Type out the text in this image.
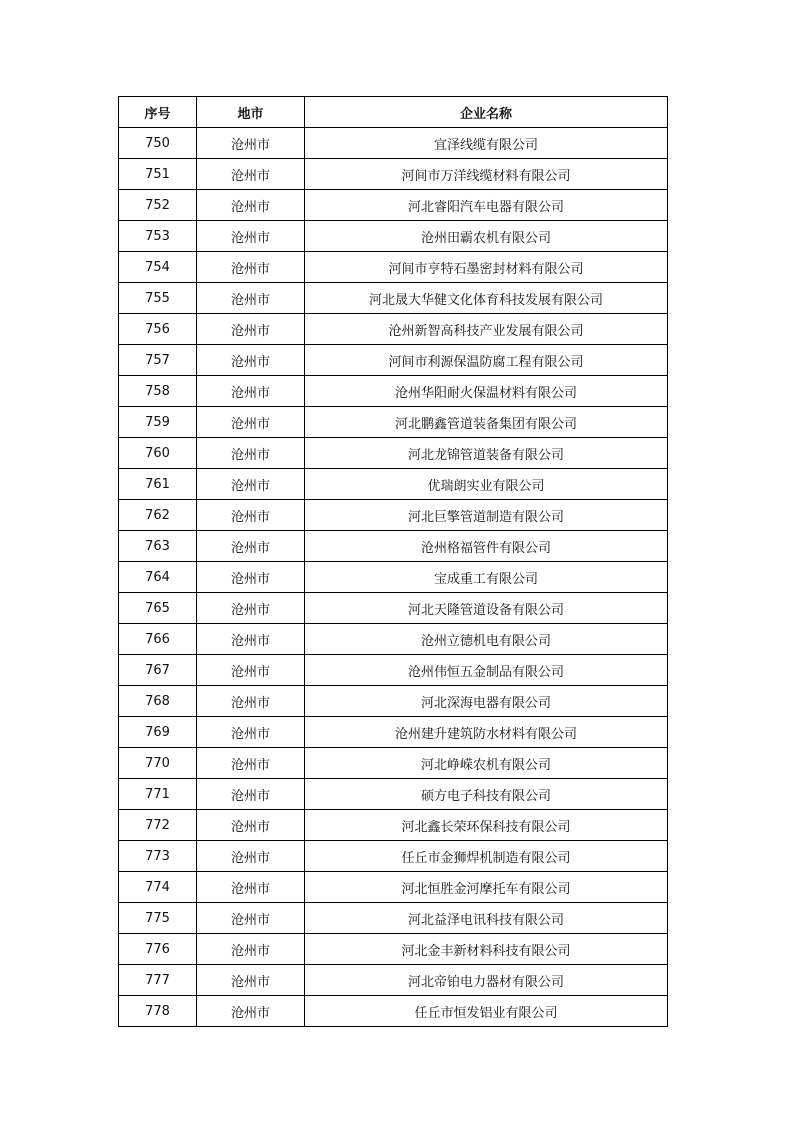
序号	地市	企业名称
750	沧州市	宜泽线缆有限公司
751	沧州市	河间市万洋线缆材料有限公司
752	沧州市	河北睿阳汽车电器有限公司
753	沧州市	沧州田霸农机有限公司
754	沧州市	河间市亨特石墨密封材料有限公司
755	沧州市	河北晟大华健文化体育科技发展有限公司
756	沧州市	沧州新智高科技产业发展有限公司
757	沧州市	河间市利源保温防腐工程有限公司
758	沧州市	沧州华阳耐火保温材料有限公司
759	沧州市	河北鹏鑫管道装备集团有限公司
760	沧州市	河北龙锦管道装备有限公司
761	沧州市	优瑞朗实业有限公司
762	沧州市	河北巨擎管道制造有限公司
763	沧州市	沧州格福管件有限公司
764	沧州市	宝成重工有限公司
765	沧州市	河北天隆管道设备有限公司
766	沧州市	沧州立德机电有限公司
767	沧州市	沧州伟恒五金制品有限公司
768	沧州市	河北深海电器有限公司
769	沧州市	沧州建升建筑防水材料有限公司
770	沧州市	河北峥嵘农机有限公司
771	沧州市	硕方电子科技有限公司
772	沧州市	河北鑫长荣环保科技有限公司
773	沧州市	任丘市金狮焊机制造有限公司
774	沧州市	河北恒胜金河摩托车有限公司
775	沧州市	河北益泽电讯科技有限公司
776	沧州市	河北金丰新材料科技有限公司
777	沧州市	河北帝铂电力器材有限公司
778	沧州市	任丘市恒发铝业有限公司
